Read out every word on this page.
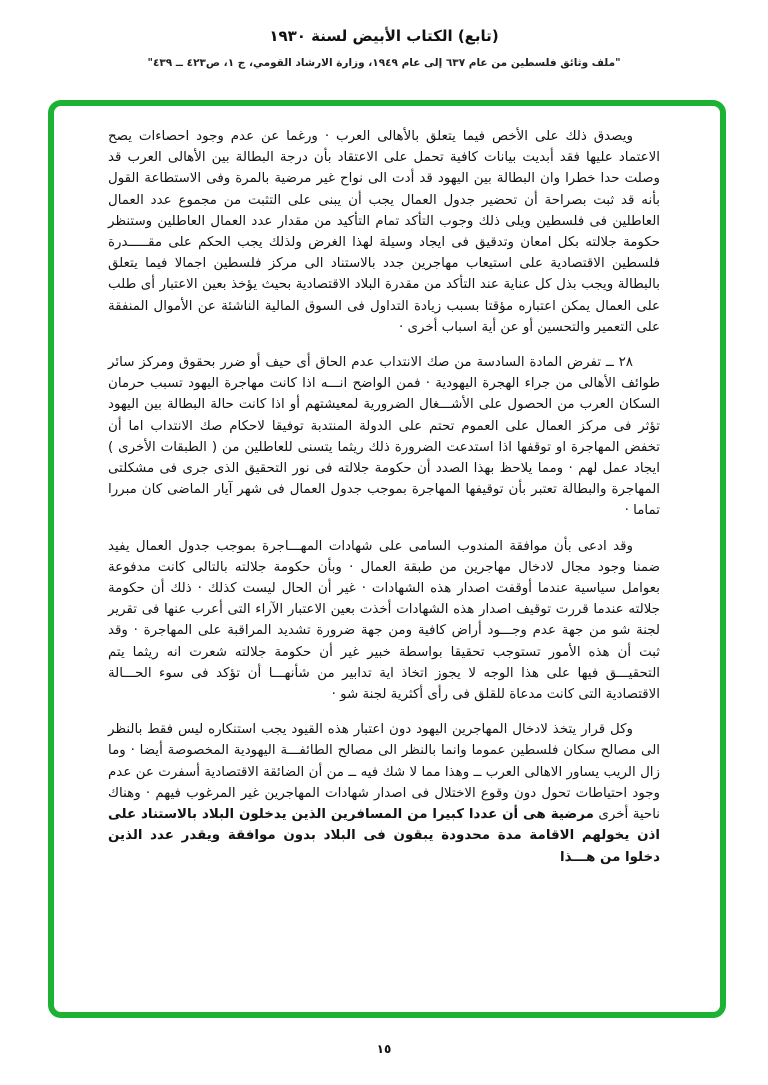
(تابع) الكتاب الأبيض لسنة ١٩٣٠
"ملف وثائق فلسطين من عام ٦٣٧ إلى عام ١٩٤٩، وزارة الارشاد القومي، ج ١، ص٤٢٣ ــ ٤٣٩"

ويصدق ذلك على الأخص فيما يتعلق بالأهالى العرب · ورغما عن عدم وجود احصاءات يصح الاعتماد عليها فقد أبديت بيانات كافية تحمل على الاعتقاد بأن درجة البطالة بين الأهالى العرب قد وصلت حدا خطرا وان البطالة بين اليهود قد أدت الى نواح غير مرضية بالمرة وفى الاستطاعة القول بأنه قد ثبت بصراحة أن تحضير جدول العمال يجب أن يبنى على التثبت من مجموع عدد العمال العاطلين فى فلسطين ويلى ذلك وجوب التأكد تمام التأكيد من مقدار عدد العمال العاطلين وستنظر حكومة جلالته بكل امعان وتدقيق فى ايجاد وسيلة لهذا الغرض ولذلك يجب الحكم على مقـــــدرة فلسطين الاقتصادية على استيعاب مهاجرين جدد بالاستناد الى مركز فلسطين اجمالا فيما يتعلق بالبطالة ويجب بذل كل عناية عند التأكد من مقدرة البلاد الاقتصادية بحيث يؤخذ بعين الاعتبار أى طلب على العمال يمكن اعتباره مؤقتا بسبب زيادة التداول فى السوق المالية الناشئة عن الأموال المنفقة على التعمير والتحسين أو عن أية اسباب أخرى ·

٢٨ ــ تفرض المادة السادسة من صك الانتداب عدم الحاق أى حيف أو ضرر بحقوق ومركز سائر طوائف الأهالى من جراء الهجرة اليهودية · فمن الواضح انـــه اذا كانت مهاجرة اليهود تسبب حرمان السكان العرب من الحصول على الأشـــغال الضرورية لمعيشتهم أو اذا كانت حالة البطالة بين اليهود تؤثر فى مركز العمال على العموم تحتم على الدولة المنتدبة توفيقا لاحكام صك الانتداب اما أن تخفض المهاجرة او توقفها اذا استدعت الضرورة ذلك ريثما يتسنى للعاطلين من ( الطبقات الأخرى ) ايجاد عمل لهم · ومما يلاحظ بهذا الصدد أن حكومة جلالته فى نور التحقيق الذى جرى فى مشكلتى المهاجرة والبطالة تعتبر بأن توقيفها المهاجرة بموجب جدول العمال فى شهر آيار الماضى كان مبررا تماما ·

وقد ادعى بأن موافقة المندوب السامى على شهادات المهـــاجرة بموجب جدول العمال يفيد ضمنا وجود مجال لادخال مهاجرين من طبقة العمال · وبأن حكومة جلالته بالتالى كانت مدفوعة بعوامل سياسية عندما أوقفت اصدار هذه الشهادات · غير أن الحال ليست كذلك · ذلك أن حكومة جلالته عندما قررت توقيف اصدار هذه الشهادات أخذت بعين الاعتبار الآراء التى أعرب عنها فى تقرير لجنة شو من جهة عدم وجـــود أراض كافية ومن جهة ضرورة تشديد المراقبة على المهاجرة · وقد ثبت أن هذه الأمور تستوجب تحقيقا بواسطة خبير غير أن حكومة جلالته شعرت انه ريثما يتم التحقيـــق فيها على هذا الوجه لا يجوز اتخاذ اية تدابير من شأنهـــا أن تؤكد فى سوء الحـــالة الاقتصادية التى كانت مدعاة للقلق فى رأى أكثرية لجنة شو ·

وكل قرار يتخذ لادخال المهاجرين اليهود دون اعتبار هذه القيود يجب استنكاره ليس فقط بالنظر الى مصالح سكان فلسطين عموما وانما بالنظر الى مصالح الطائفـــة اليهودية المخصوصة أيضا · وما زال الريب يساور الاهالى العرب ــ وهذا مما لا شك فيه ــ من أن الضائقة الاقتصادية أسفرت عن عدم وجود احتياطات تحول دون وقوع الاختلال فى اصدار شهادات المهاجرين غير المرغوب فيهم · وهناك ناحية أخرى مرضية هى أن عددا كبيرا من المسافرين الذين يدخلون البلاد بالاستناد على اذن يخولهم الاقامة مدة محدودة يبقون فى البلاد بدون موافقة ويقدر عدد الذين دخلوا من هـــذا

١٥
